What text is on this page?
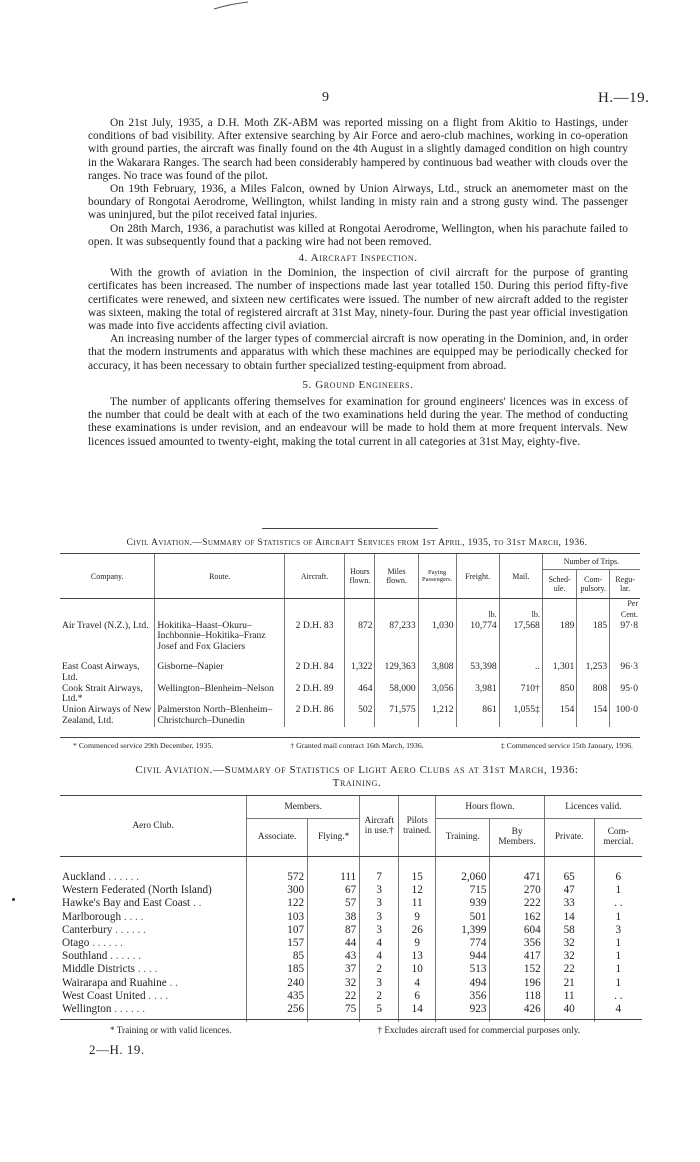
9	H.—19.

On 21st July, 1935, a D.H. Moth ZK-ABM was reported missing on a flight from Akitio to Hastings, under conditions of bad visibility. After extensive searching by Air Force and aero-club machines, working in co-operation with ground parties, the aircraft was finally found on the 4th August in a slightly damaged condition on high country in the Wakarara Ranges. The search had been considerably hampered by continuous bad weather with clouds over the ranges. No trace was found of the pilot.

On 19th February, 1936, a Miles Falcon, owned by Union Airways, Ltd., struck an anemometer mast on the boundary of Rongotai Aerodrome, Wellington, whilst landing in misty rain and a strong gusty wind. The passenger was uninjured, but the pilot received fatal injuries.

On 28th March, 1936, a parachutist was killed at Rongotai Aerodrome, Wellington, when his parachute failed to open. It was subsequently found that a packing wire had not been removed.

4. Aircraft Inspection.

With the growth of aviation in the Dominion, the inspection of civil aircraft for the purpose of granting certificates has been increased. The number of inspections made last year totalled 150. During this period fifty-five certificates were renewed, and sixteen new certificates were issued. The number of new aircraft added to the register was sixteen, making the total of registered aircraft at 31st May, ninety-four. During the past year official investigation was made into five accidents affecting civil aviation.

An increasing number of the larger types of commercial aircraft is now operating in the Dominion, and, in order that the modern instruments and apparatus with which these machines are equipped may be periodically checked for accuracy, it has been necessary to obtain further specialized testing-equipment from abroad.

5. Ground Engineers.

The number of applicants offering themselves for examination for ground engineers' licences was in excess of the number that could be dealt with at each of the two examinations held during the year. The method of conducting these examinations is under revision, and an endeavour will be made to hold them at more frequent intervals. New licences issued amounted to twenty-eight, making the total current in all categories at 31st May, eighty-five.

Civil Aviation.—Summary of Statistics of Aircraft Services from 1st April, 1935, to 31st March, 1936.
Company.	Route.	Aircraft.	Hours flown.	Miles flown.	Paying Passengers.	Freight.	Mail.	Number of Trips.		
								Sched-ule.	Com-pulsory.	Regu-lar.
						lb.	lb.			Per Cent.
Air Travel (N.Z.), Ltd.	Hokitika–Haast–Okuru–Inchbonnie–Hokitika–Franz Josef and Fox Glaciers	2 D.H. 83	872	87,233	1,030	10,774	17,568	189	185	97·8

East Coast Airways, Ltd.	Gisborne–Napier	2 D.H. 84	1,322	129,363	3,808	53,398	..	1,301	1,253	96·3
Cook Strait Airways, Ltd.*	Wellington–Blenheim–Nelson	2 D.H. 89	464	58,000	3,056	3,981	710†	850	808	95·0
Union Airways of New Zealand, Ltd.	Palmerston North–Blenheim–Christchurch–Dunedin	2 D.H. 86	502	71,575	1,212	861	1,055‡	154	154	100·0
* Commenced service 29th December, 1935.	† Granted mail contract 16th March, 1936.	‡ Commenced service 15th January, 1936.
Civil Aviation.—Summary of Statistics of Light Aero Clubs as at 31st March, 1936:
Training.
Aero Club.	Members.		Aircraft in use.†	Pilots trained.	Hours flown.		Licences valid.	
	Associate.	Flying.*			Training.	By Members.	Private.	Com-mercial.

Auckland . . . . . .	572	111	7	15	2,060	471	65	6
Western Federated (North Island)	300	67	3	12	715	270	47	1
Hawke's Bay and East Coast . .	122	57	3	11	939	222	33	. .
Marlborough . . . .	103	38	3	9	501	162	14	1
Canterbury . . . . . .	107	87	3	26	1,399	604	58	3
Otago . . . . . .	157	44	4	9	774	356	32	1
Southland . . . . . .	85	43	4	13	944	417	32	1
Middle Districts . . . .	185	37	2	10	513	152	22	1
Wairarapa and Ruahine . .	240	32	3	4	494	196	21	1
West Coast United . . . .	435	22	2	6	356	118	11	. .
Wellington . . . . . .	256	75	5	14	923	426	40	4

* Training or with valid licences.	† Excludes aircraft used for commercial purposes only.
2—H. 19.
